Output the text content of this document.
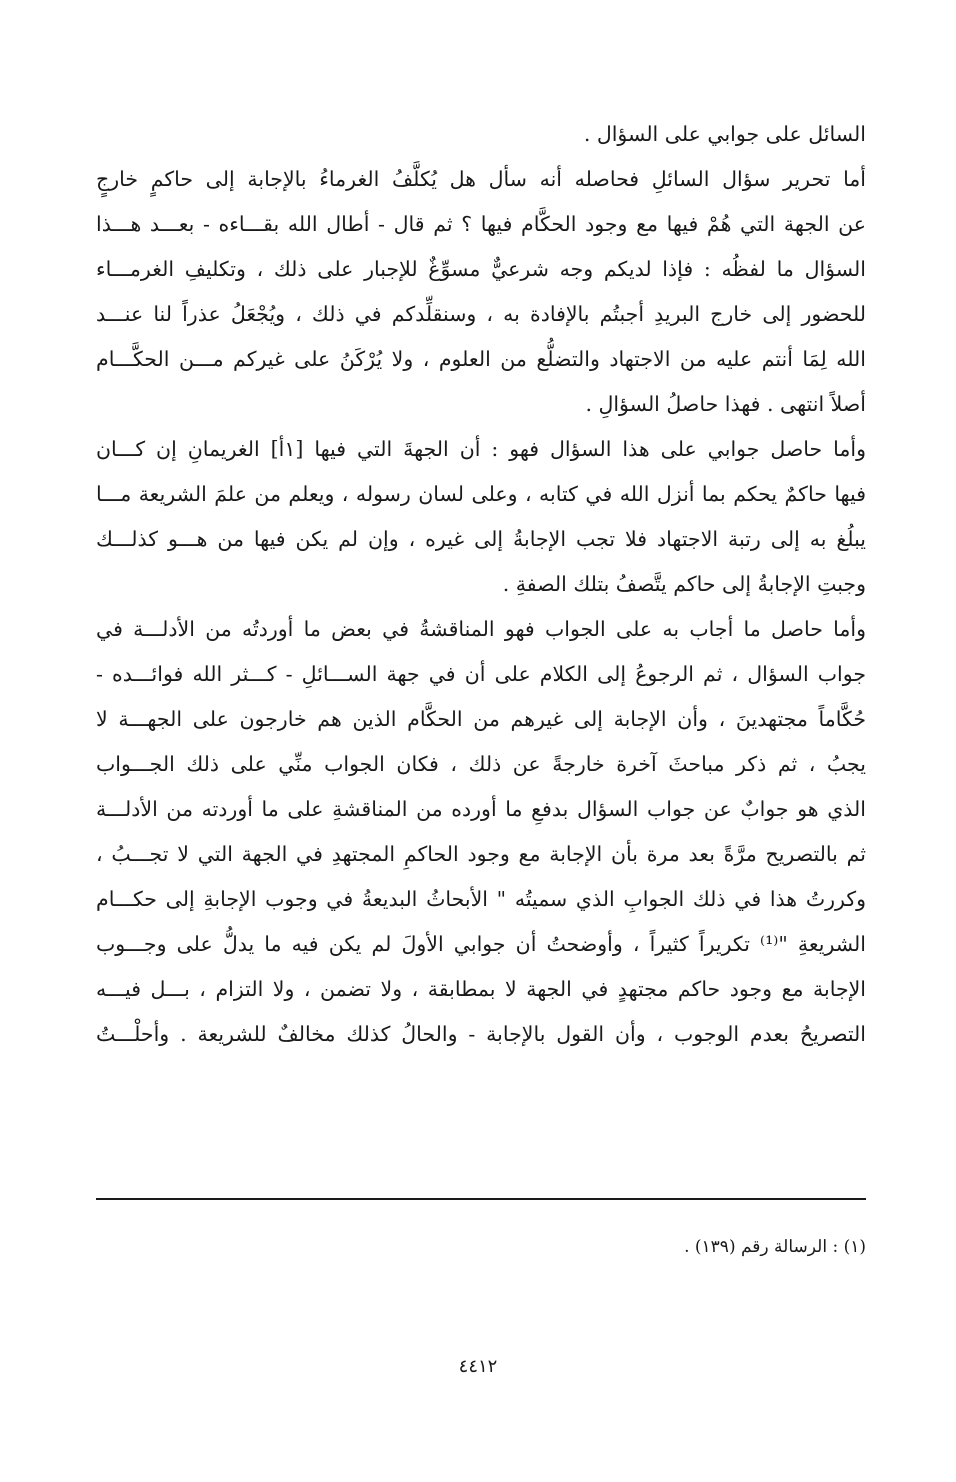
السائل على جوابي على السؤال .
أما تحرير سؤال السائلِ فحاصله أنه سأل هل يُكلَّفُ الغرماءُ بالإجابة إلى حاكمٍ خارجٍ
عن الجهة التي هُمْ فيها مع وجود الحكَّام فيها ؟ ثم قال - أطال الله بقـــاءه - بعـــد هـــذا
السؤال ما لفظُه : فإذا لديكم وجه شرعيٌّ مسوِّغٌ للإجبار على ذلك ، وتكليفِ الغرمـــاء
للحضور إلى خارج البريدِ أجبتُم بالإفادة به ، وسنقلِّدكم في ذلك ، ويُجْعَلُ عذراً لنا عنـــد
الله لِمَا أنتم عليه من الاجتهاد والتضلُّع من العلوم ، ولا يُرْكَنُ على غيركم مـــن الحكَّـــام
أصلاً انتهى . فهذا حاصلُ السؤالِ .
وأما حاصل جوابي على هذا السؤال فهو : أن الجهةَ التي فيها [١أ] الغريمانِ إن كـــان
فيها حاكمٌ يحكم بما أنزل الله في كتابه ، وعلى لسان رسوله ، ويعلم من علمَ الشريعة مـــا
يبلُغ به إلى رتبة الاجتهاد فلا تجب الإجابةُ إلى غيره ، وإن لم يكن فيها من هـــو كذلـــك
وجبتِ الإجابةُ إلى حاكم يتَّصفُ بتلك الصفةِ .
وأما حاصل ما أجاب به على الجواب فهو المناقشةُ في بعض ما أوردتُه من الأدلـــة في
جواب السؤال ، ثم الرجوعُ إلى الكلام على أن في جهة الســـائلِ - كـــثر الله فوائـــده -
حُكَّاماً مجتهدينَ ، وأن الإجابة إلى غيرهم من الحكَّام الذين هم خارجون على الجهـــة لا
يجبُ ، ثم ذكر مباحثَ آخرة خارجةً عن ذلك ، فكان الجواب منِّي على ذلك الجـــواب
الذي هو جوابٌ عن جواب السؤال بدفعِ ما أورده من المناقشةِ على ما أوردته من الأدلـــة
ثم بالتصريح مرَّةً بعد مرة بأن الإجابة مع وجود الحاكمِ المجتهدِ في الجهة التي لا تجـــبُ ،
وكررتُ هذا في ذلك الجوابِ الذي سميتُه " الأبحاثُ البديعةُ في وجوب الإجابةِ إلى حكـــام
الشريعةِ "⁽¹⁾ تكريراً كثيراً ، وأوضحتُ أن جوابي الأولَ لم يكن فيه ما يدلُّ على وجـــوب
الإجابة مع وجود حاكم مجتهدٍ في الجهة لا بمطابقة ، ولا تضمن ، ولا التزام ، بـــل فيـــه
التصريحُ بعدم الوجوب ، وأن القول بالإجابة - والحالُ كذلك مخالفٌ للشريعة . وأحلْـــتُ
(١) : الرسالة رقم (١٣٩) .
٤٤١٢
